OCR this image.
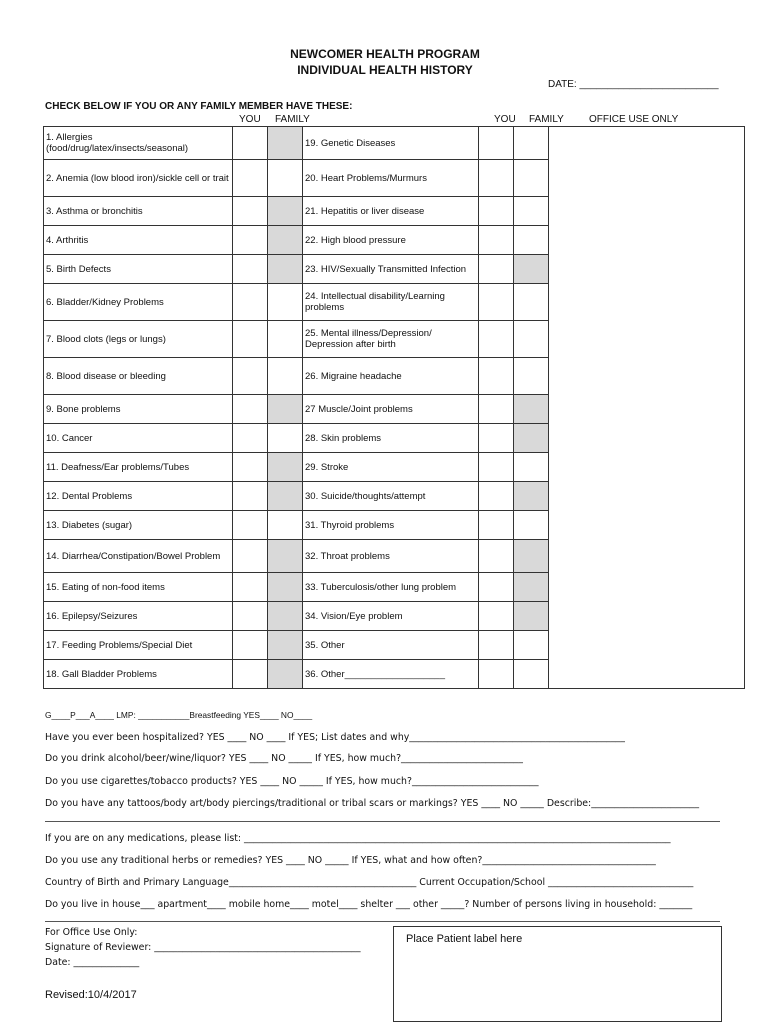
NEWCOMER HEALTH PROGRAM
INDIVIDUAL HEALTH HISTORY
DATE: _________________________
CHECK BELOW IF YOU OR ANY FAMILY MEMBER HAVE THESE:
YOU FAMILY	YOU FAMILY	OFFICE USE ONLY
1. Allergies (food/drug/latex/insects/seasonal)			19. Genetic Diseases			
2. Anemia (low blood iron)/sickle cell or trait			20. Heart Problems/Murmurs			
3. Asthma or bronchitis			21. Hepatitis or liver disease			
4. Arthritis			22. High blood pressure			
5. Birth Defects			23. HIV/Sexually Transmitted Infection			
6. Bladder/Kidney Problems			24. Intellectual disability/Learning problems			
7. Blood clots (legs or lungs)			25. Mental illness/Depression/ Depression after birth			
8. Blood disease or bleeding			26. Migraine headache			
9. Bone problems			27 Muscle/Joint problems			
10. Cancer			28. Skin problems			
11. Deafness/Ear problems/Tubes			29. Stroke			
12. Dental Problems			30. Suicide/thoughts/attempt			
13. Diabetes (sugar)			31. Thyroid problems			
14. Diarrhea/Constipation/Bowel Problem			32. Throat problems			
15. Eating of non-food items			33. Tuberculosis/other lung problem			
16. Epilepsy/Seizures			34. Vision/Eye problem			
17. Feeding Problems/Special Diet			35. Other			
18. Gall Bladder Problems			36. Other___________________			
G____P___A____ LMP: ___________Breastfeeding YES____ NO____
Have you ever been hospitalized? YES ____ NO ____ If YES; List dates and why______________________________________________
Do you drink alcohol/beer/wine/liquor? YES ____ NO _____ If YES, how much?__________________________
Do you use cigarettes/tobacco products? YES ____ NO _____ If YES, how much?___________________________
Do you have any tattoos/body art/body piercings/traditional or tribal scars or markings? YES ____ NO _____ Describe:_______________________
If you are on any medications, please list: ___________________________________________________________________________________________
Do you use any traditional herbs or remedies? YES ____ NO _____ If YES, what and how often?_____________________________________
Country of Birth and Primary Language________________________________________ Current Occupation/School _______________________________
Do you live in house___ apartment____ mobile home____ motel____ shelter ___ other _____? Number of persons living in household: _______
For Office Use Only:
Signature of Reviewer: ____________________________________________
Date: ______________
Place Patient label here
Revised:10/4/2017
